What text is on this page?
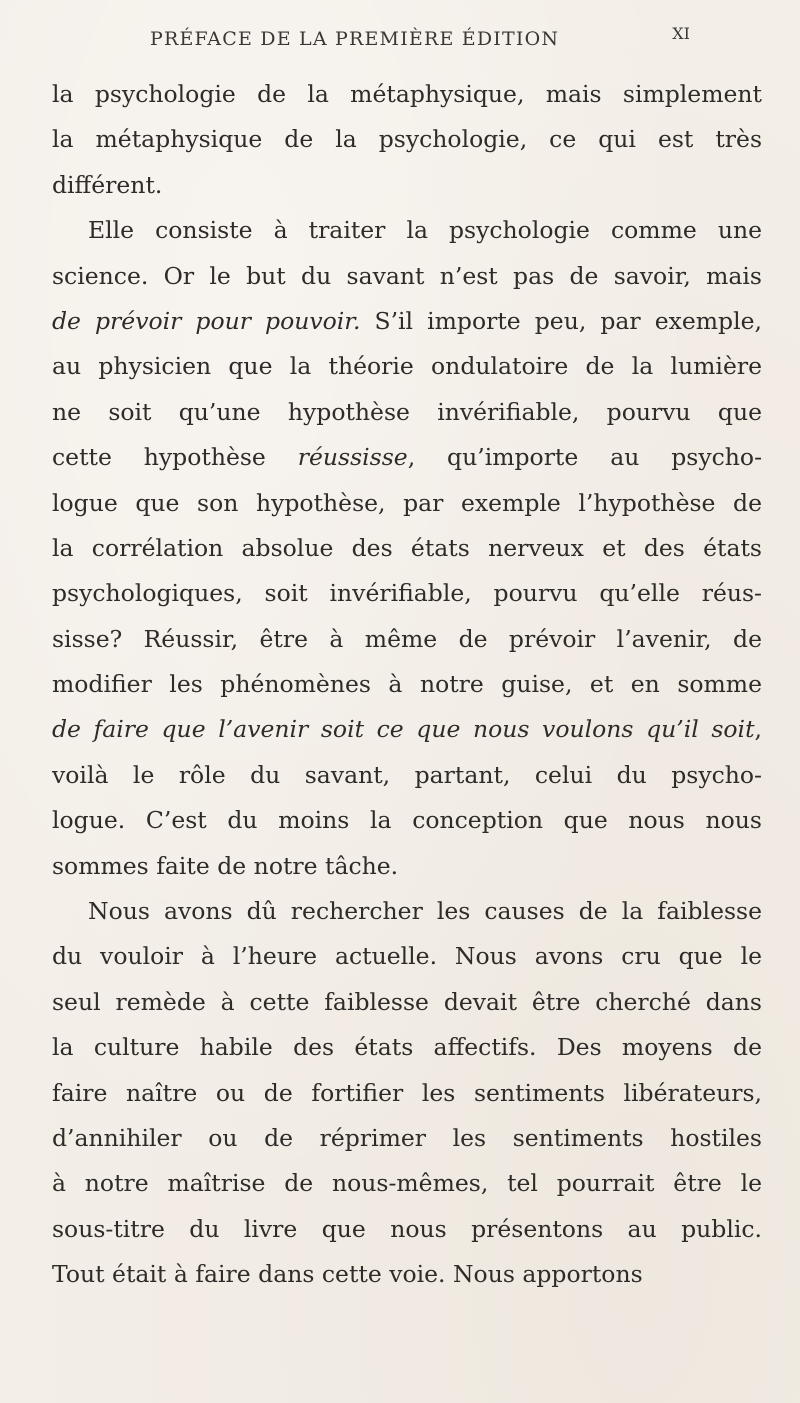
PRÉFACE DE LA PREMIÈRE ÉDITION	XI
la psychologie de la métaphysique, mais simplement
la métaphysique de la psychologie, ce qui est très
différent.
Elle consiste à traiter la psychologie comme une
science. Or le but du savant n’est pas de savoir, mais
de prévoir pour pouvoir. S’il importe peu, par exemple,
au physicien que la théorie ondulatoire de la lumière
ne soit qu’une hypothèse invérifiable, pourvu que
cette hypothèse réussisse, qu’importe au psycho-
logue que son hypothèse, par exemple l’hypothèse de
la corrélation absolue des états nerveux et des états
psychologiques, soit invérifiable, pourvu qu’elle réus-
sisse? Réussir, être à même de prévoir l’avenir, de
modifier les phénomènes à notre guise, et en somme
de faire que l’avenir soit ce que nous voulons qu’il soit,
voilà le rôle du savant, partant, celui du psycho-
logue. C’est du moins la conception que nous nous
sommes faite de notre tâche.
Nous avons dû rechercher les causes de la faiblesse
du vouloir à l’heure actuelle. Nous avons cru que le
seul remède à cette faiblesse devait être cherché dans
la culture habile des états affectifs. Des moyens de
faire naître ou de fortifier les sentiments libérateurs,
d’annihiler ou de réprimer les sentiments hostiles
à notre maîtrise de nous-mêmes, tel pourrait être le
sous-titre du livre que nous présentons au public.
Tout était à faire dans cette voie. Nous apportons
